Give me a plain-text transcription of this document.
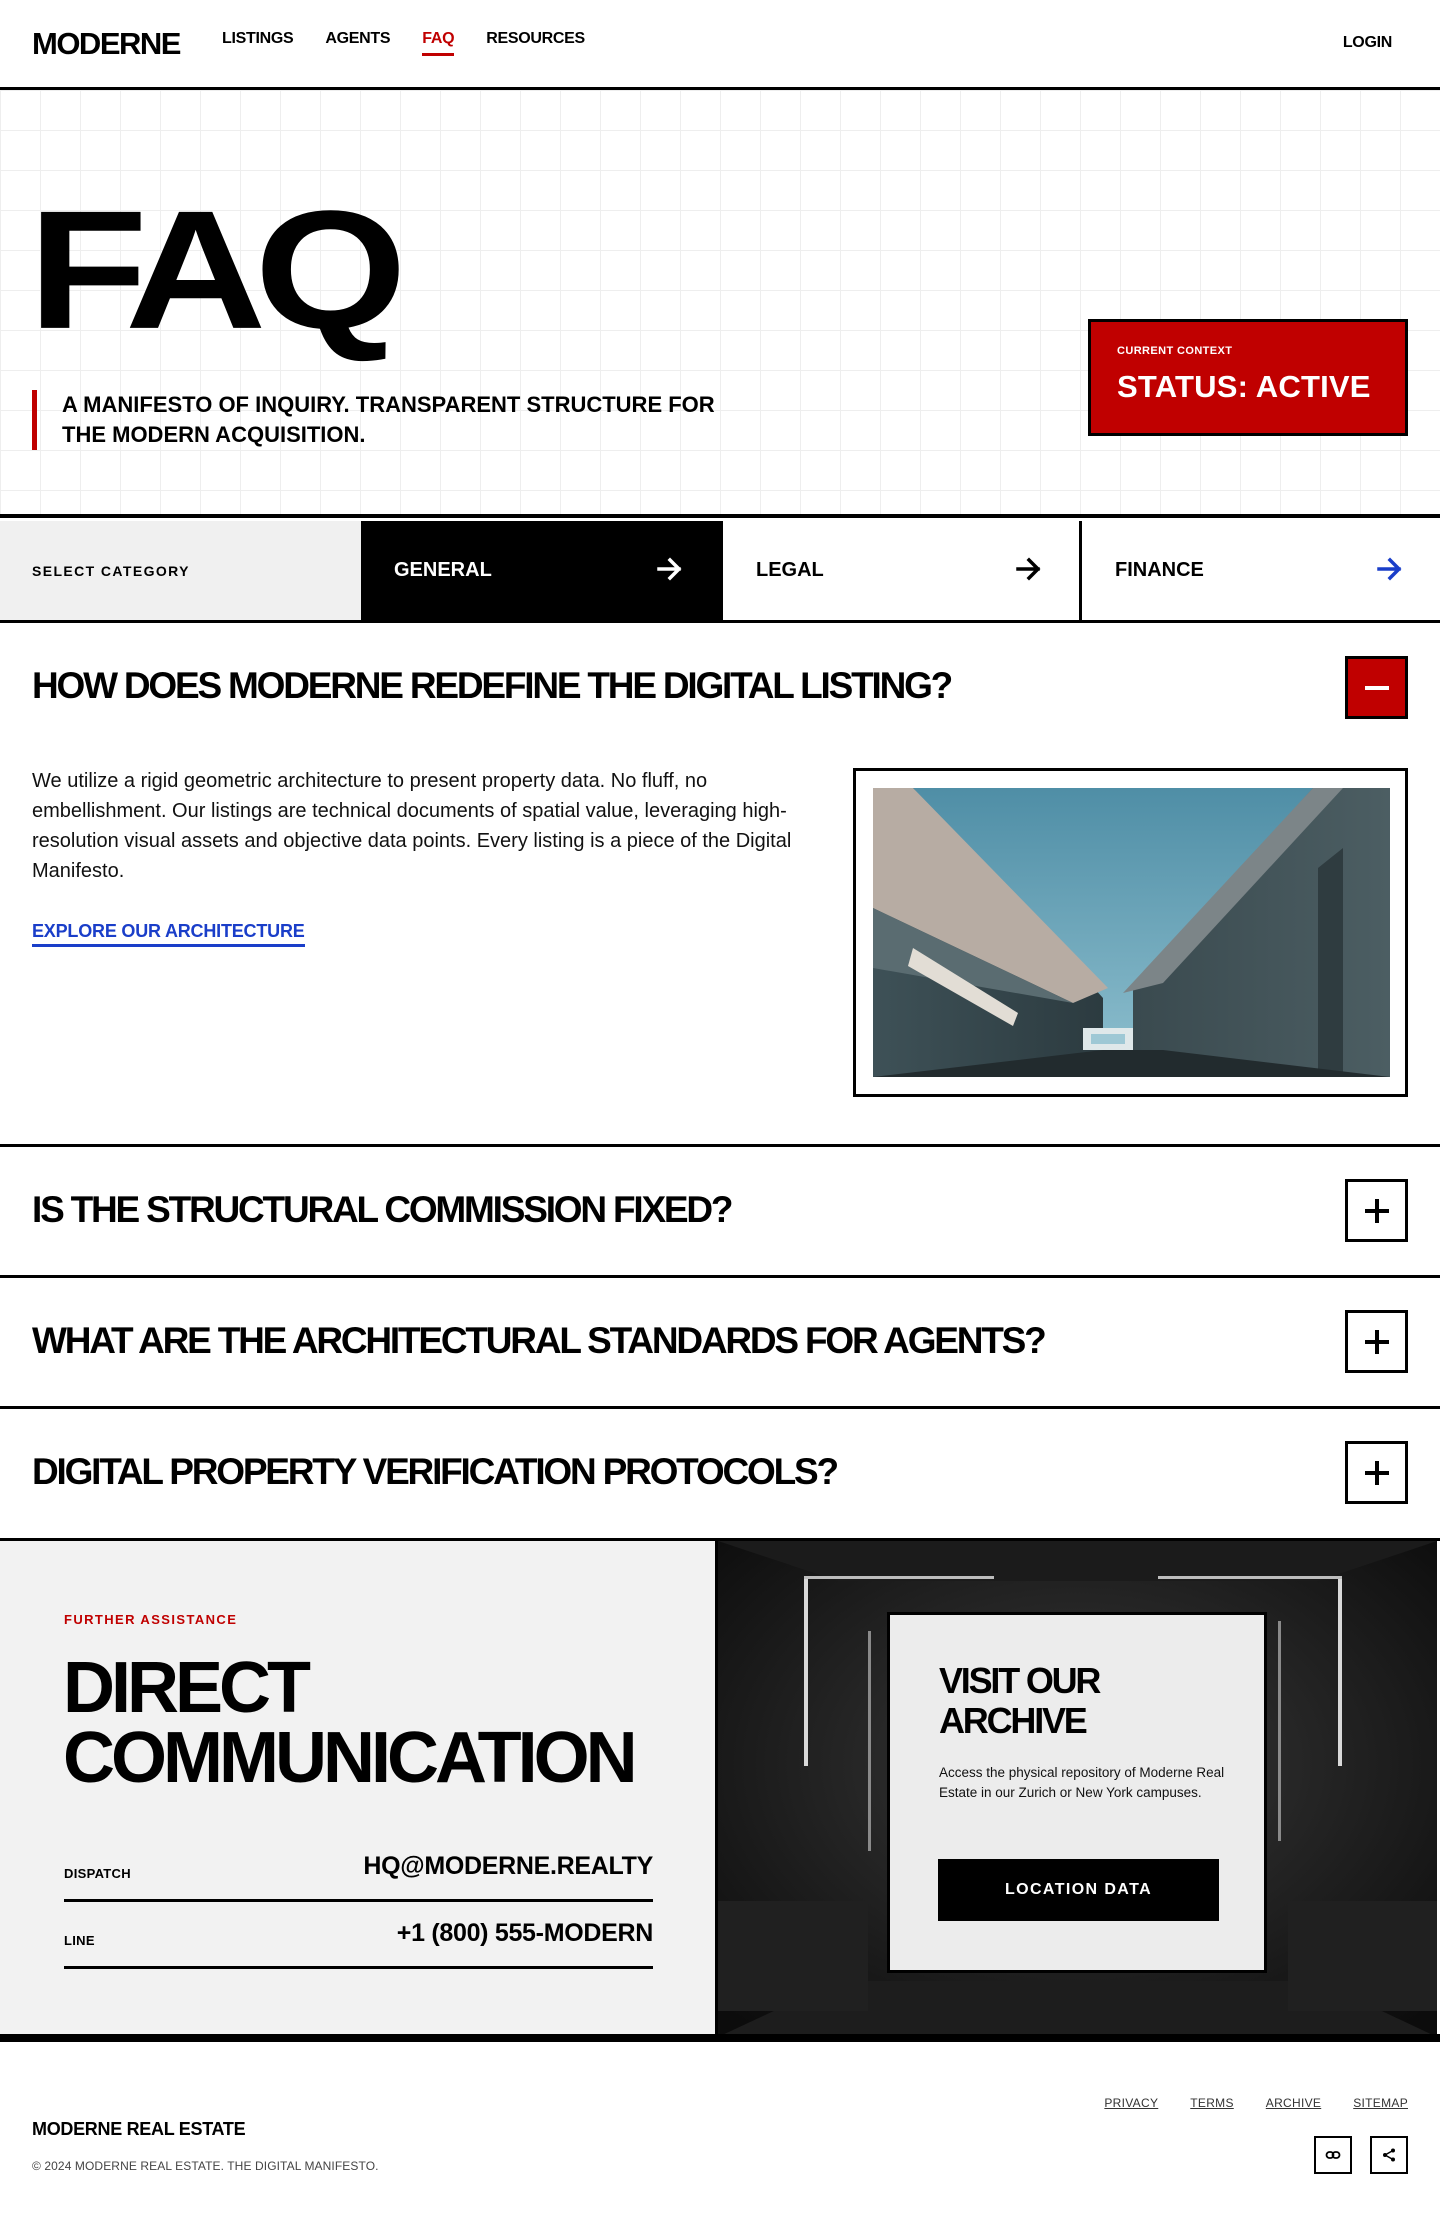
MODERNE	LISTINGS AGENTS FAQ RESOURCES	LOGIN
FAQ

A MANIFESTO OF INQUIRY. TRANSPARENT STRUCTURE FOR THE MODERN ACQUISITION.

CURRENT CONTEXT
STATUS: ACTIVE
SELECT CATEGORY	GENERAL	LEGAL	FINANCE
HOW DOES MODERNE REDEFINE THE DIGITAL LISTING?

We utilize a rigid geometric architecture to present property data. No fluff, no embellishment. Our listings are technical documents of spatial value, leveraging high-resolution visual assets and objective data points. Every listing is a piece of the Digital Manifesto.

EXPLORE OUR ARCHITECTURE
IS THE STRUCTURAL COMMISSION FIXED?
WHAT ARE THE ARCHITECTURAL STANDARDS FOR AGENTS?
DIGITAL PROPERTY VERIFICATION PROTOCOLS?
FURTHER ASSISTANCE
DIRECT
COMMUNICATION
DISPATCH	HQ@MODERNE.REALTY
LINE	+1 (800) 555-MODERN
VISIT OUR ARCHIVE

Access the physical repository of Moderne Real Estate in our Zurich or New York campuses.

LOCATION DATA
PRIVACY	TERMS	ARCHIVE	SITEMAP
MODERNE REAL ESTATE
© 2024 MODERNE REAL ESTATE. THE DIGITAL MANIFESTO.
